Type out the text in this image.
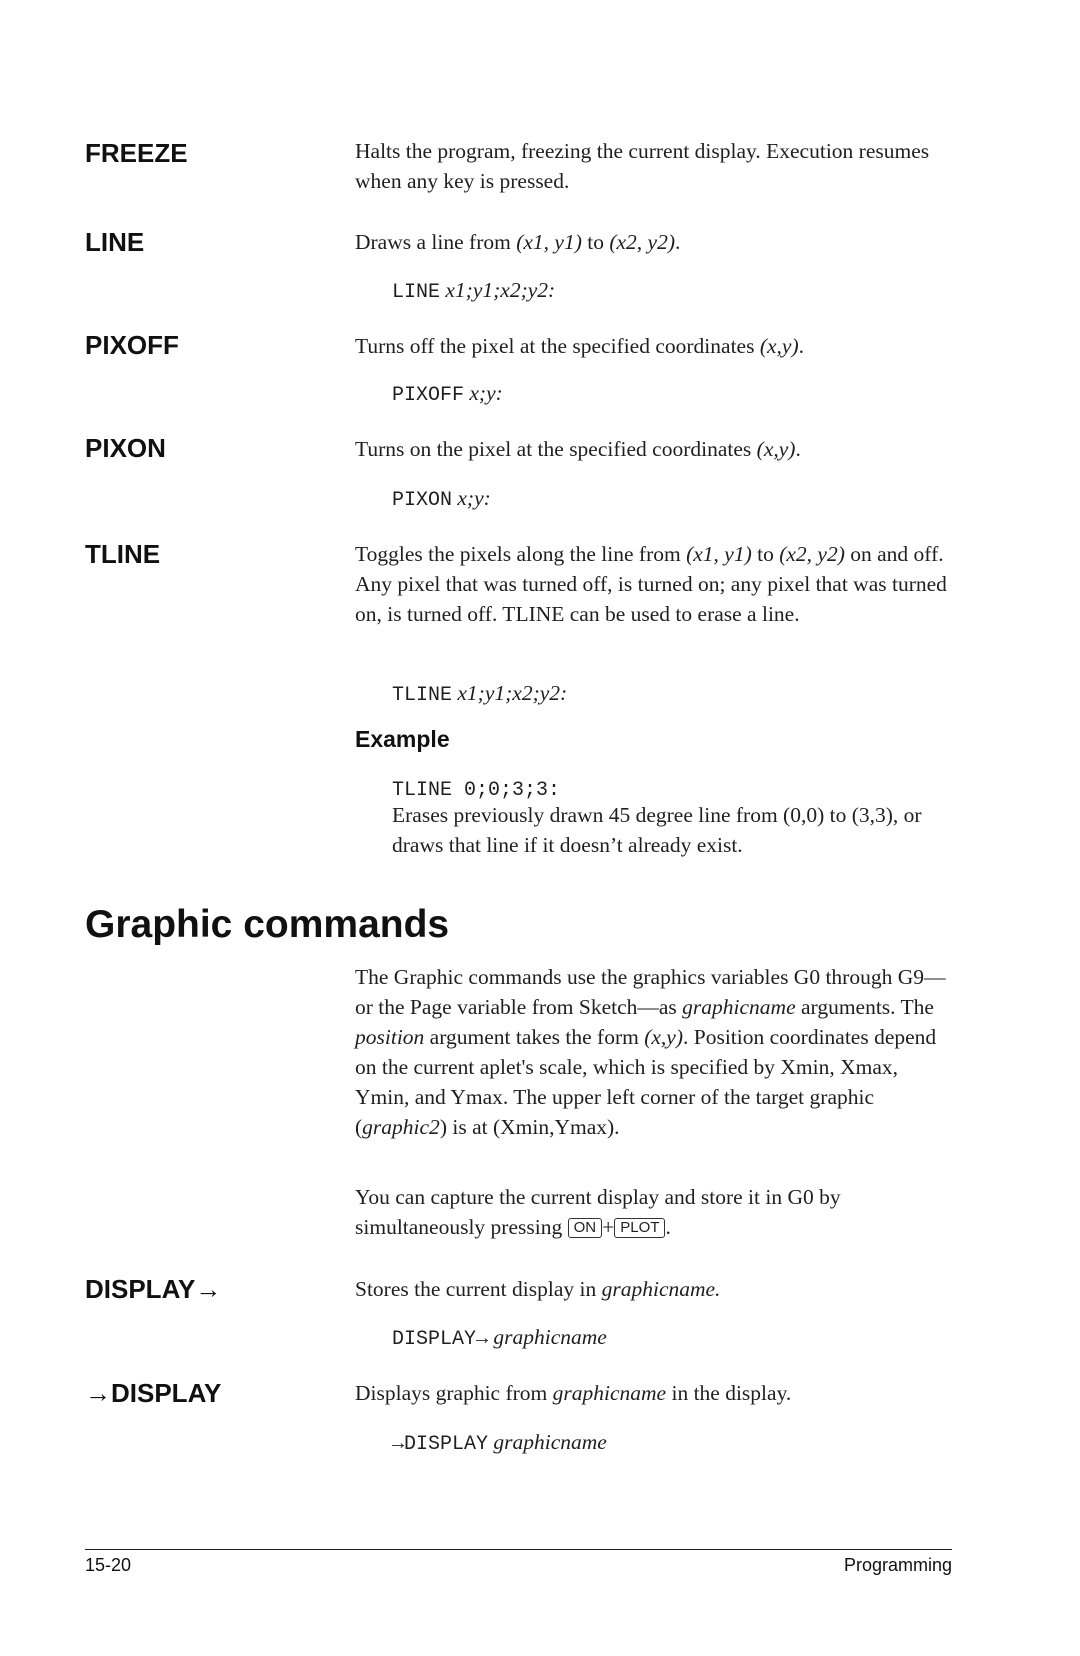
FREEZE	Halts the program, freezing the current display. Execution resumes when any key is pressed.
LINE	Draws a line from (x1, y1) to (x2, y2).
LINE x1;y1;x2;y2:
PIXOFF	Turns off the pixel at the specified coordinates (x,y).
PIXOFF x;y:
PIXON	Turns on the pixel at the specified coordinates (x,y).
PIXON x;y:
TLINE	Toggles the pixels along the line from (x1, y1) to (x2, y2) on and off. Any pixel that was turned off, is turned on; any pixel that was turned on, is turned off. TLINE can be used to erase a line.
TLINE x1;y1;x2;y2:
Example
TLINE 0;0;3;3:
Erases previously drawn 45 degree line from (0,0) to (3,3), or draws that line if it doesn’t already exist.
Graphic commands
The Graphic commands use the graphics variables G0 through G9—or the Page variable from Sketch—as graphicname arguments. The position argument takes the form (x,y). Position coordinates depend on the current aplet's scale, which is specified by Xmin, Xmax, Ymin, and Ymax. The upper left corner of the target graphic (graphic2) is at (Xmin,Ymax).
You can capture the current display and store it in G0 by simultaneously pressing ON + PLOT .
DISPLAY→	Stores the current display in graphicname.
DISPLAY→ graphicname
→DISPLAY	Displays graphic from graphicname in the display.
→DISPLAY graphicname
15-20	Programming
